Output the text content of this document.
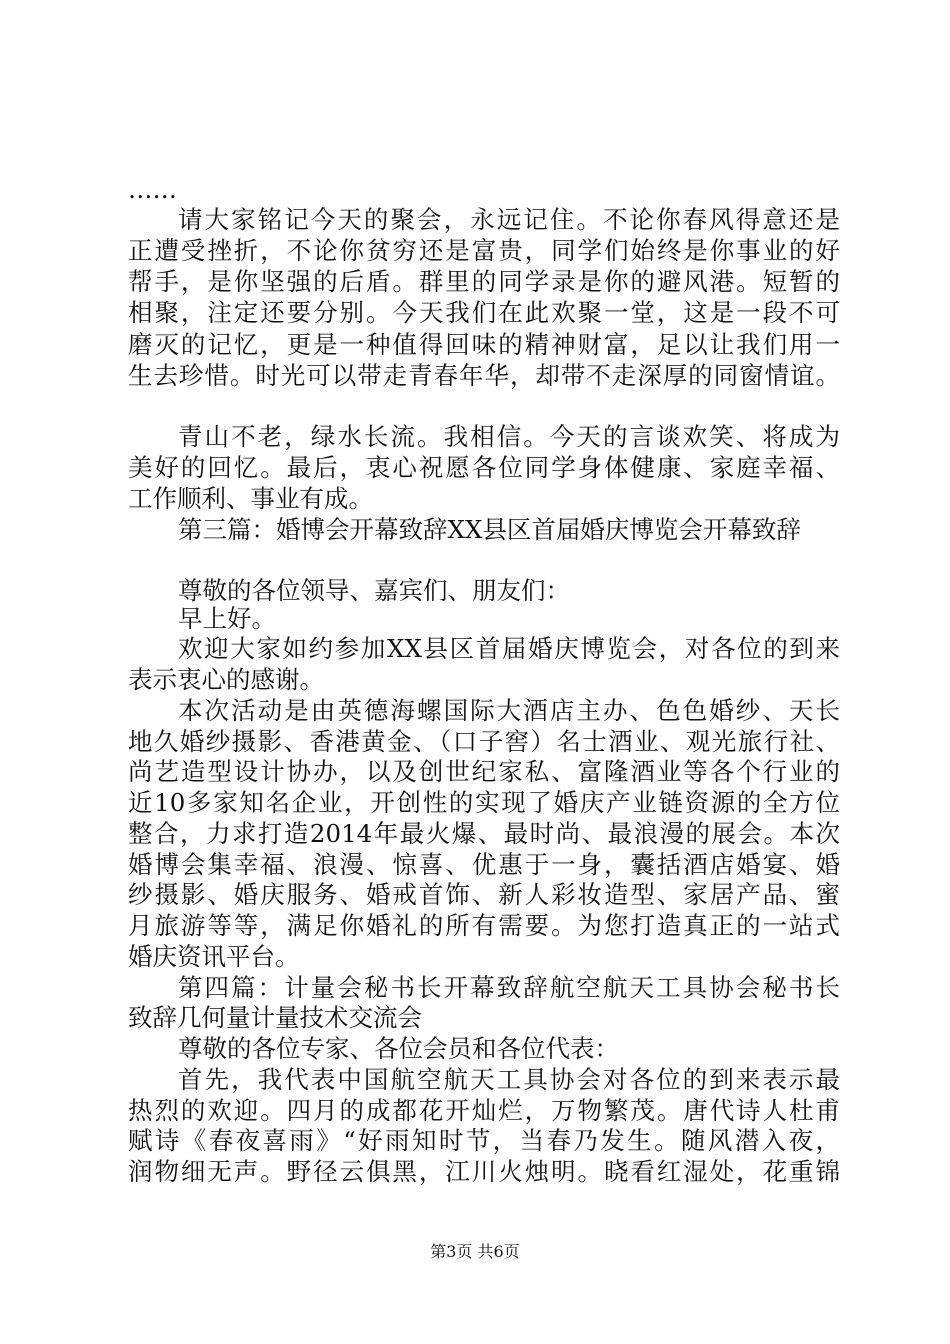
……
请大家铭记今天的聚会，永远记住。不论你春风得意还是
正遭受挫折，不论你贫穷还是富贵，同学们始终是你事业的好
帮手，是你坚强的后盾。群里的同学录是你的避风港。短暂的
相聚，注定还要分别。今天我们在此欢聚一堂，这是一段不可
磨灭的记忆，更是一种值得回味的精神财富，足以让我们用一
生去珍惜。时光可以带走青春年华，却带不走深厚的同窗情谊。
青山不老，绿水长流。我相信。今天的言谈欢笑、将成为
美好的回忆。最后，衷心祝愿各位同学身体健康、家庭幸福、
工作顺利、事业有成。
第三篇：婚博会开幕致辞XX县区首届婚庆博览会开幕致辞
尊敬的各位领导、嘉宾们、朋友们：
早上好。
欢迎大家如约参加XX县区首届婚庆博览会，对各位的到来
表示衷心的感谢。
本次活动是由英德海螺国际大酒店主办、色色婚纱、天长
地久婚纱摄影、香港黄金、（口子窖）名士酒业、观光旅行社、
尚艺造型设计协办，以及创世纪家私、富隆酒业等各个行业的
近10多家知名企业，开创性的实现了婚庆产业链资源的全方位
整合，力求打造2014年最火爆、最时尚、最浪漫的展会。本次
婚博会集幸福、浪漫、惊喜、优惠于一身，囊括酒店婚宴、婚
纱摄影、婚庆服务、婚戒首饰、新人彩妆造型、家居产品、蜜
月旅游等等，满足你婚礼的所有需要。为您打造真正的一站式
婚庆资讯平台。
第四篇：计量会秘书长开幕致辞航空航天工具协会秘书长
致辞几何量计量技术交流会
尊敬的各位专家、各位会员和各位代表：
首先，我代表中国航空航天工具协会对各位的到来表示最
热烈的欢迎。四月的成都花开灿烂，万物繁茂。唐代诗人杜甫
赋诗《春夜喜雨》“好雨知时节，当春乃发生。随风潜入夜，
润物细无声。野径云俱黑，江川火烛明。晓看红湿处，花重锦
第3页 共6页
